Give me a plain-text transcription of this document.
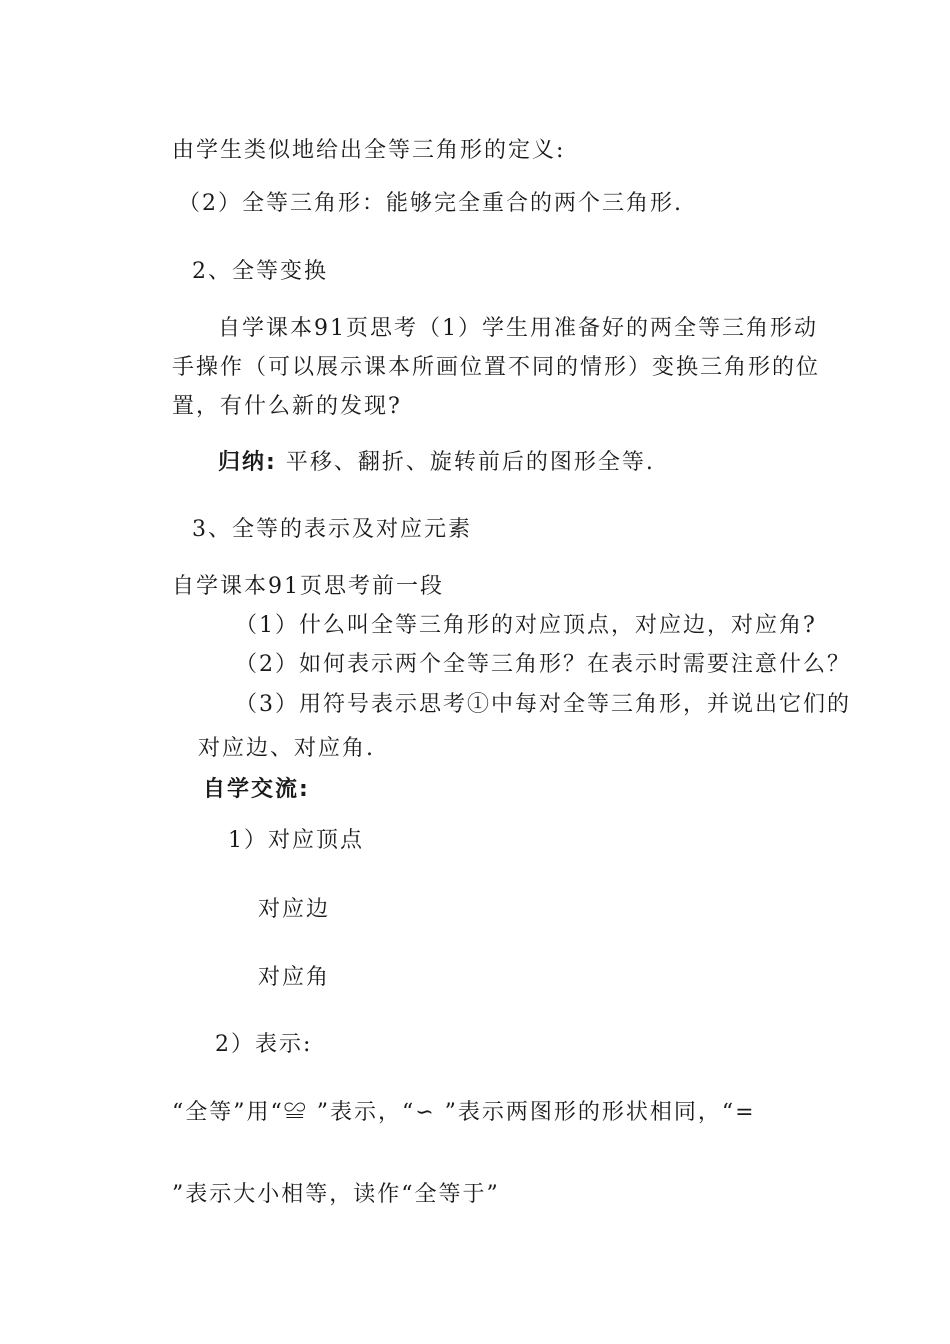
由学生类似地给出全等三角形的定义:
（2）全等三角形：能够完全重合的两个三角形.
2、全等变换
自学课本91页思考（1）学生用准备好的两全等三角形动
手操作（可以展示课本所画位置不同的情形）变换三角形的位
置，有什么新的发现?
归纳: 平移、翻折、旋转前后的图形全等.
3、全等的表示及对应元素
自学课本91页思考前一段
（1）什么叫全等三角形的对应顶点，对应边，对应角?
（2）如何表示两个全等三角形？在表示时需要注意什么？
（3）用符号表示思考①中每对全等三角形，并说出它们的
对应边、对应角.
自学交流:
1）对应顶点
对应边
对应角
2）表示:
“全等”用“≌ ”表示，“∽ ”表示两图形的形状相同，“=
”表示大小相等，读作“全等于”
